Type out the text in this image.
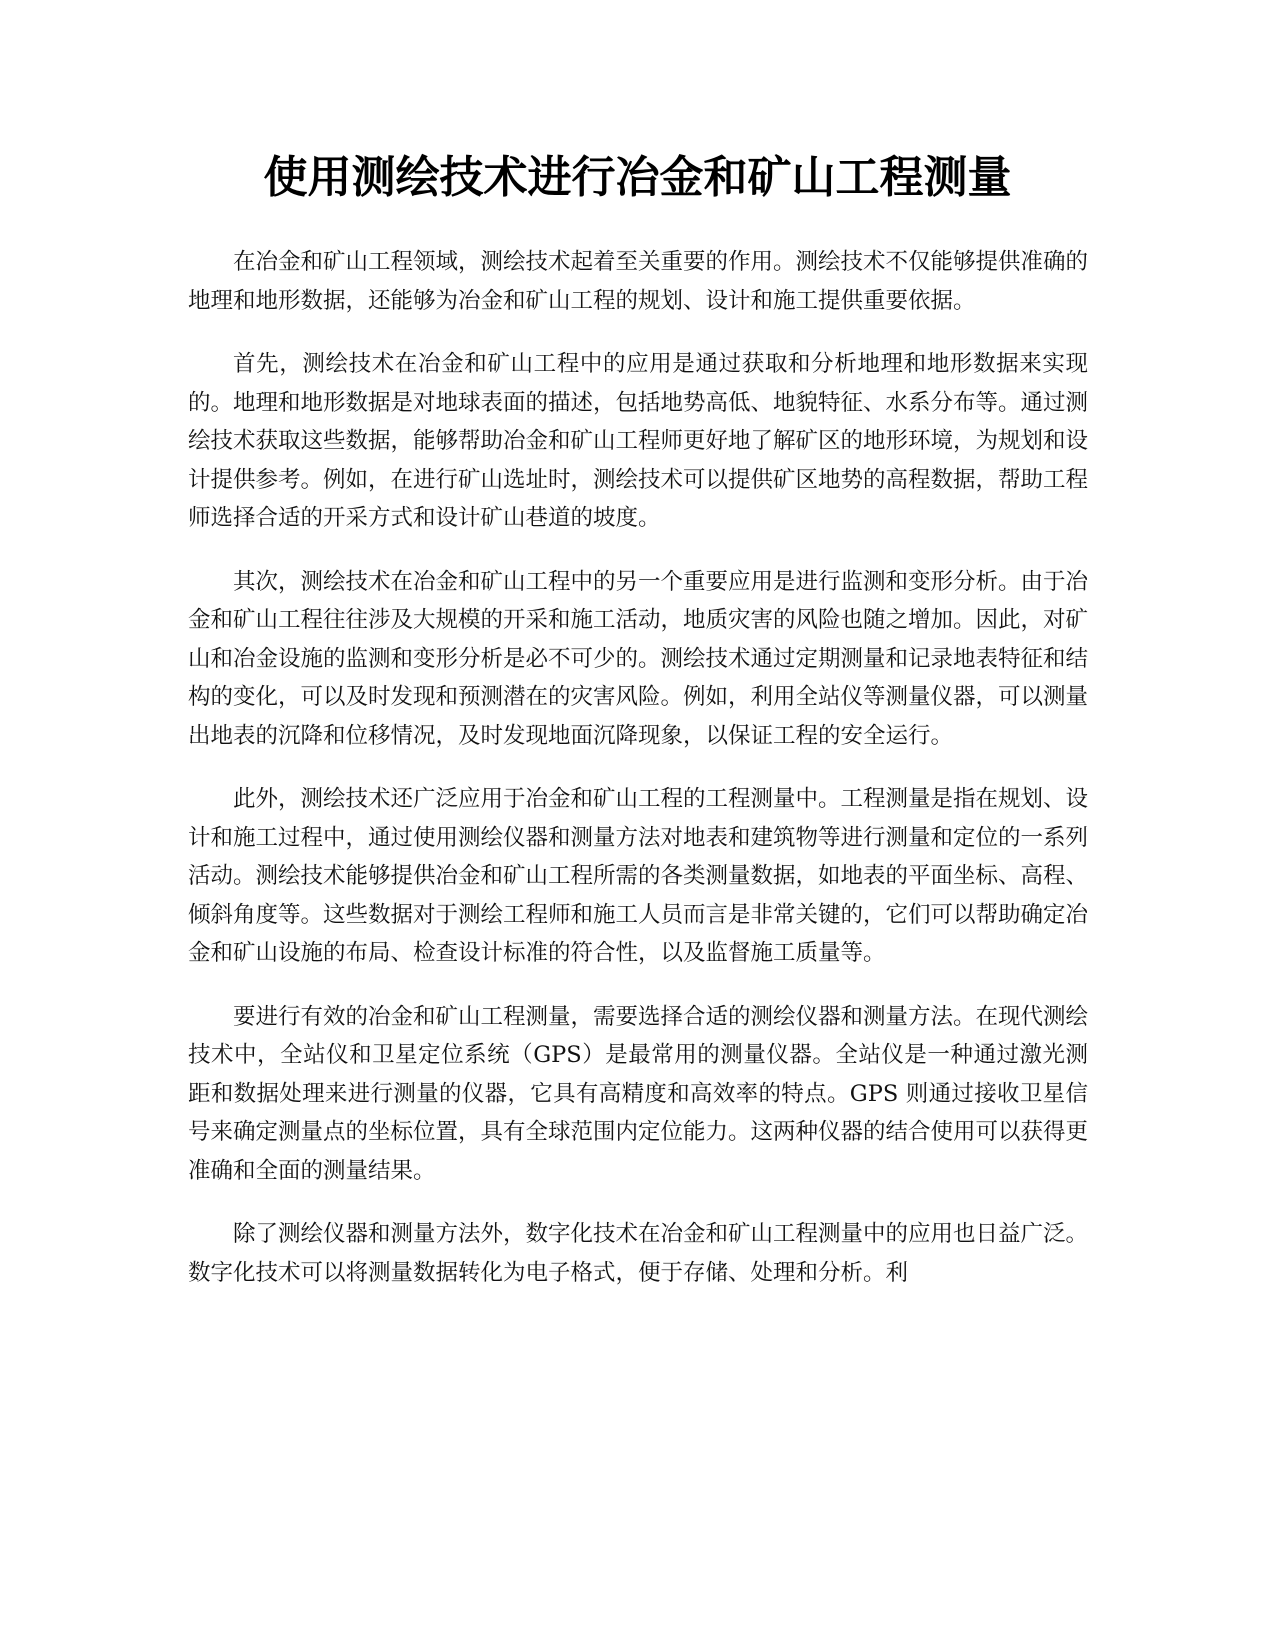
使用测绘技术进行冶金和矿山工程测量

在冶金和矿山工程领域，测绘技术起着至关重要的作用。测绘技术不仅能够提供准确的地理和地形数据，还能够为冶金和矿山工程的规划、设计和施工提供重要依据。

首先，测绘技术在冶金和矿山工程中的应用是通过获取和分析地理和地形数据来实现的。地理和地形数据是对地球表面的描述，包括地势高低、地貌特征、水系分布等。通过测绘技术获取这些数据，能够帮助冶金和矿山工程师更好地了解矿区的地形环境，为规划和设计提供参考。例如，在进行矿山选址时，测绘技术可以提供矿区地势的高程数据，帮助工程师选择合适的开采方式和设计矿山巷道的坡度。

其次，测绘技术在冶金和矿山工程中的另一个重要应用是进行监测和变形分析。由于冶金和矿山工程往往涉及大规模的开采和施工活动，地质灾害的风险也随之增加。因此，对矿山和冶金设施的监测和变形分析是必不可少的。测绘技术通过定期测量和记录地表特征和结构的变化，可以及时发现和预测潜在的灾害风险。例如，利用全站仪等测量仪器，可以测量出地表的沉降和位移情况，及时发现地面沉降现象，以保证工程的安全运行。

此外，测绘技术还广泛应用于冶金和矿山工程的工程测量中。工程测量是指在规划、设计和施工过程中，通过使用测绘仪器和测量方法对地表和建筑物等进行测量和定位的一系列活动。测绘技术能够提供冶金和矿山工程所需的各类测量数据，如地表的平面坐标、高程、倾斜角度等。这些数据对于测绘工程师和施工人员而言是非常关键的，它们可以帮助确定冶金和矿山设施的布局、检查设计标准的符合性，以及监督施工质量等。

要进行有效的冶金和矿山工程测量，需要选择合适的测绘仪器和测量方法。在现代测绘技术中，全站仪和卫星定位系统（GPS）是最常用的测量仪器。全站仪是一种通过激光测距和数据处理来进行测量的仪器，它具有高精度和高效率的特点。GPS 则通过接收卫星信号来确定测量点的坐标位置，具有全球范围内定位能力。这两种仪器的结合使用可以获得更准确和全面的测量结果。

除了测绘仪器和测量方法外，数字化技术在冶金和矿山工程测量中的应用也日益广泛。数字化技术可以将测量数据转化为电子格式，便于存储、处理和分析。利
